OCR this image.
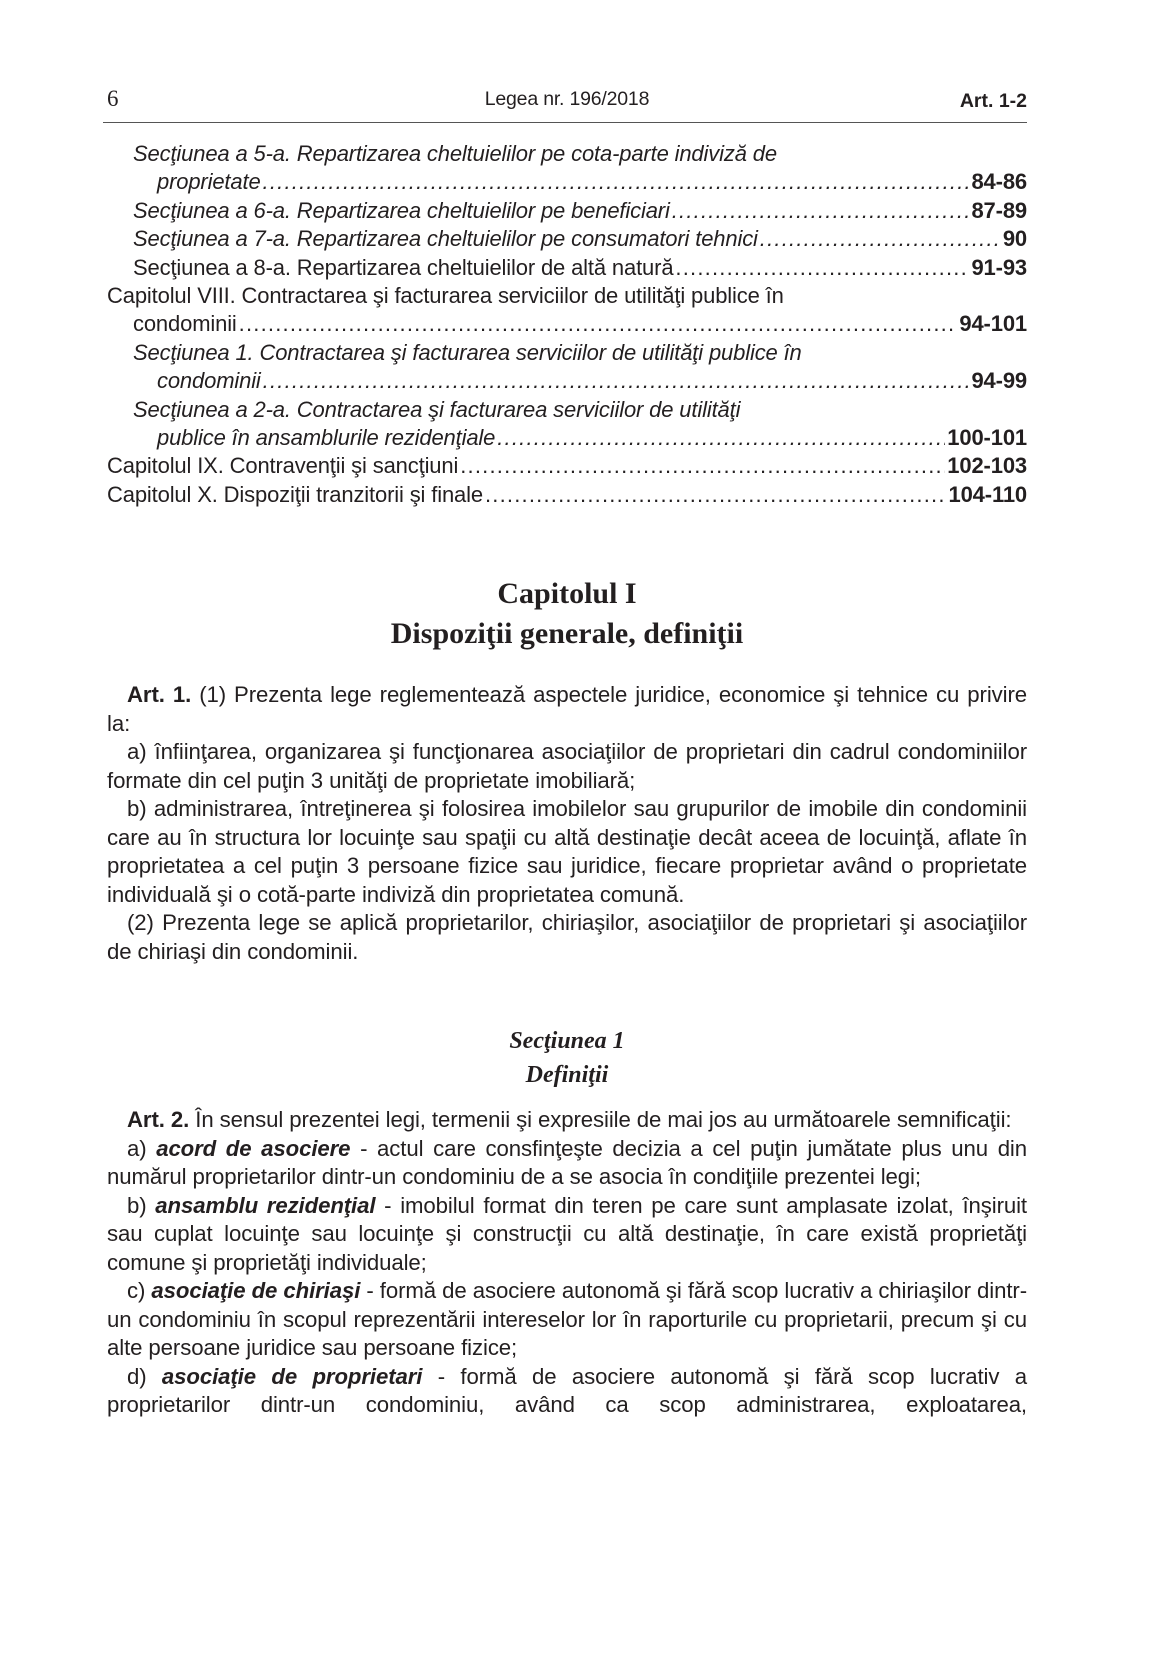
6	Legea nr. 196/2018	Art. 1-2
Secţiunea a 5-a. Repartizarea cheltuielilor pe cota-parte indiviză de
proprietate .....	84-86
Secţiunea a 6-a. Repartizarea cheltuielilor pe beneficiari .....	87-89
Secţiunea a 7-a. Repartizarea cheltuielilor pe consumatori tehnici .....	90
Secţiunea a 8-a. Repartizarea cheltuielilor de altă natură .....	91-93
Capitolul VIII. Contractarea şi facturarea serviciilor de utilităţi publice în
condominii .....	94-101
Secţiunea 1. Contractarea şi facturarea serviciilor de utilităţi publice în
condominii .....	94-99
Secţiunea a 2-a. Contractarea şi facturarea serviciilor de utilităţi
publice în ansamblurile rezidenţiale .....	100-101
Capitolul IX. Contravenţii şi sancţiuni .....	102-103
Capitolul X. Dispoziţii tranzitorii şi finale .....	104-110
Capitolul I
Dispoziţii generale, definiţii

Art. 1. (1) Prezenta lege reglementează aspectele juridice, economice şi tehnice cu privire la:

a) înfiinţarea, organizarea şi funcţionarea asociaţiilor de proprietari din cadrul condominiilor formate din cel puţin 3 unităţi de proprietate imobiliară;

b) administrarea, întreţinerea şi folosirea imobilelor sau grupurilor de imobile din condominii care au în structura lor locuinţe sau spaţii cu altă destinaţie decât aceea de locuinţă, aflate în proprietatea a cel puţin 3 persoane fizice sau juridice, fiecare proprietar având o proprietate individuală şi o cotă-parte indiviză din proprietatea comună.

(2) Prezenta lege se aplică proprietarilor, chiriaşilor, asociaţiilor de proprietari şi asociaţiilor de chiriaşi din condominii.

Secţiunea 1
Definiţii

Art. 2. În sensul prezentei legi, termenii şi expresiile de mai jos au următoarele semnificaţii:

a) acord de asociere - actul care consfinţeşte decizia a cel puţin jumătate plus unu din numărul proprietarilor dintr-un condominiu de a se asocia în condiţiile prezentei legi;

b) ansamblu rezidenţial - imobilul format din teren pe care sunt amplasate izolat, înşiruit sau cuplat locuinţe sau locuinţe şi construcţii cu altă destinaţie, în care există proprietăţi comune şi proprietăţi individuale;

c) asociaţie de chiriaşi - formă de asociere autonomă şi fără scop lucrativ a chiriaşilor dintr-un condominiu în scopul reprezentării intereselor lor în raporturile cu proprietarii, precum şi cu alte persoane juridice sau persoane fizice;

d) asociaţie de proprietari - formă de asociere autonomă şi fără scop lucrativ a proprietarilor dintr-un condominiu, având ca scop administrarea, exploatarea,
